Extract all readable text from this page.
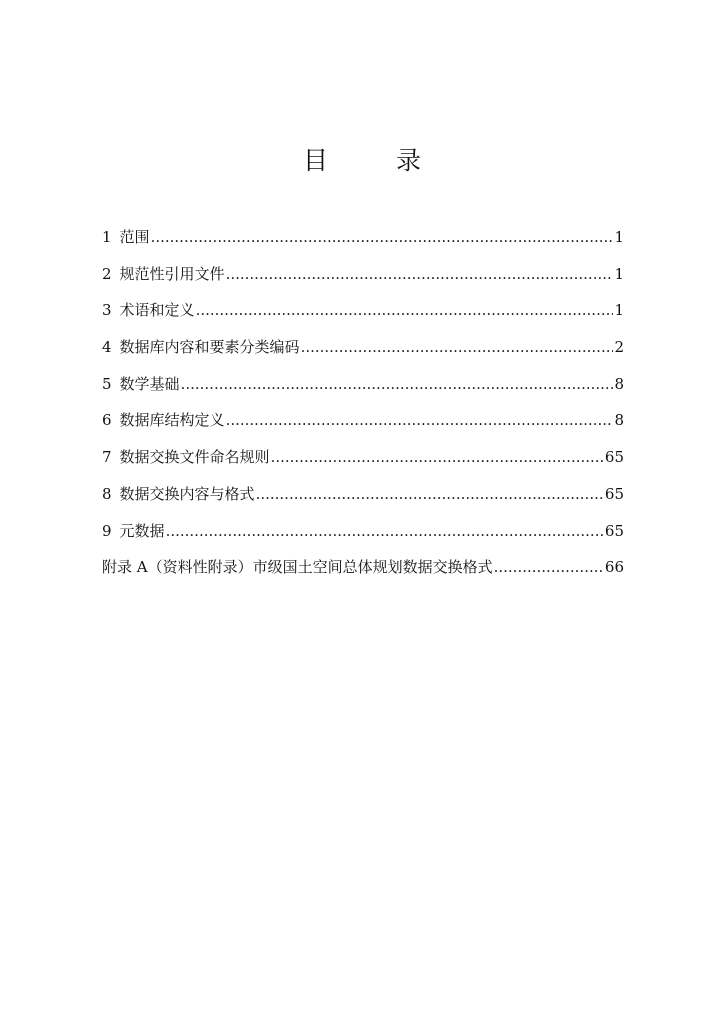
目 录
1 范围 .....	1
2 规范性引用文件 .....	1
3 术语和定义 .....	1
4 数据库内容和要素分类编码 .....	2
5 数学基础 .....	8
6 数据库结构定义 .....	8
7 数据交换文件命名规则 .....	65
8 数据交换内容与格式 .....	65
9 元数据 .....	65
附录 A（资料性附录）市级国土空间总体规划数据交换格式 .....	66
